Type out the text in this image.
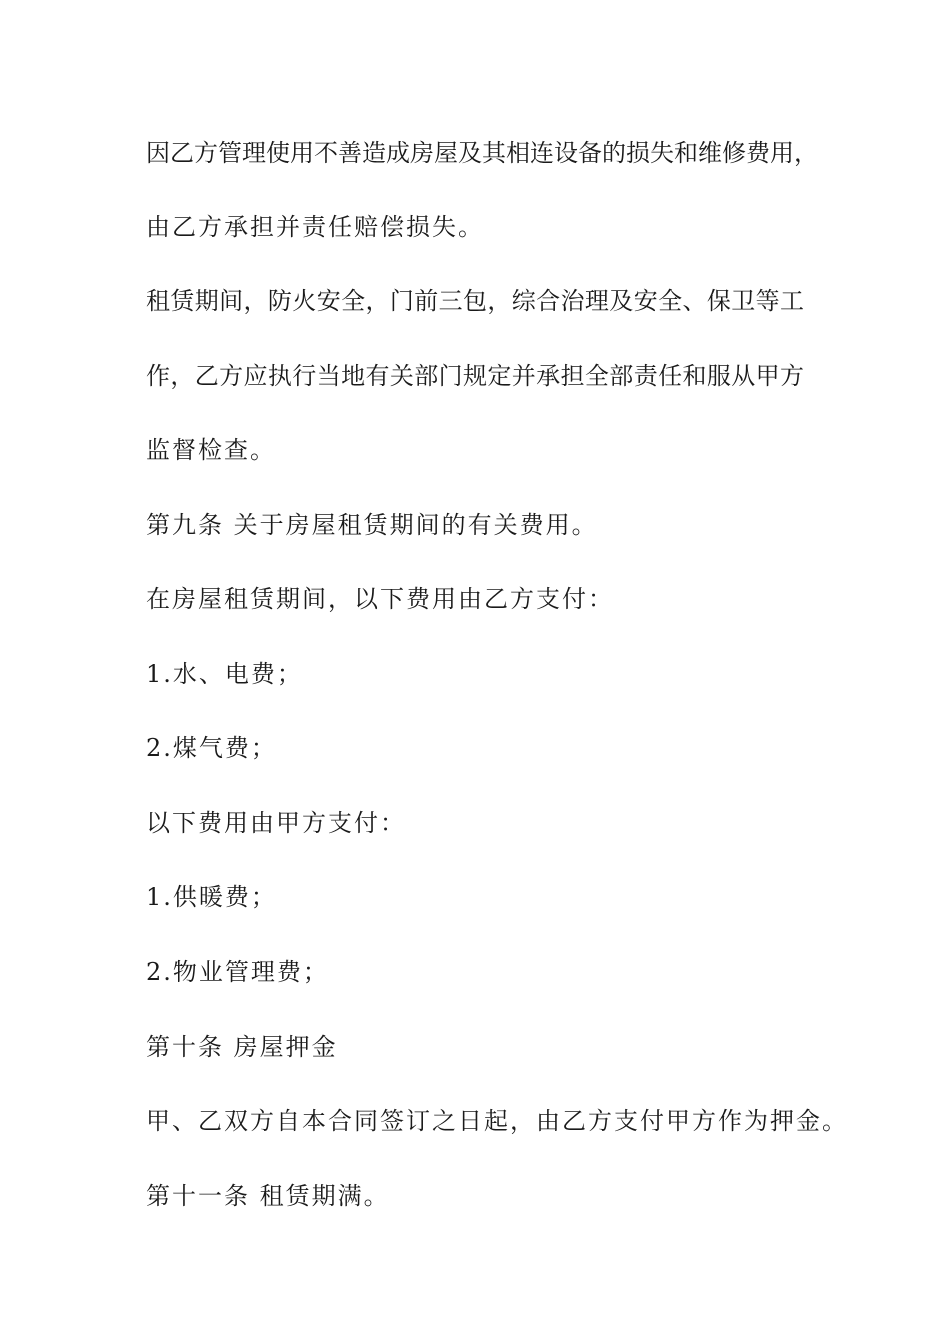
因乙方管理使用不善造成房屋及其相连设备的损失和维修费用，
由乙方承担并责任赔偿损失。
租赁期间，防火安全，门前三包，综合治理及安全、保卫等工
作，乙方应执行当地有关部门规定并承担全部责任和服从甲方
监督检查。
第九条 关于房屋租赁期间的有关费用。
在房屋租赁期间，以下费用由乙方支付：
1.水、电费；
2.煤气费；
以下费用由甲方支付：
1.供暖费；
2.物业管理费；
第十条 房屋押金
甲、乙双方自本合同签订之日起，由乙方支付甲方作为押金。
第十一条 租赁期满。
